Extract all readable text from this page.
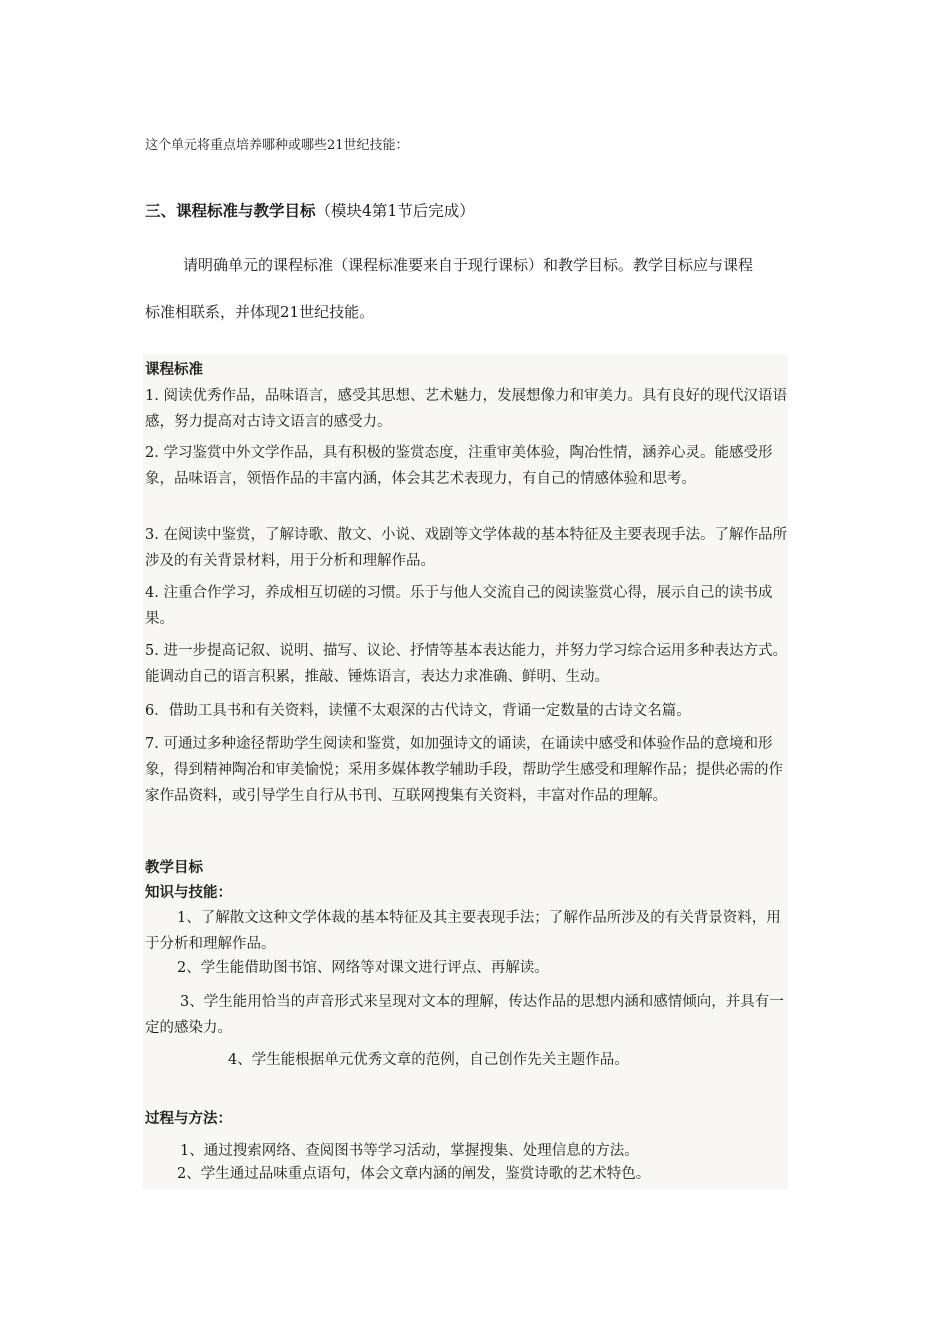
这个单元将重点培养哪种或哪些21世纪技能：
三、课程标准与教学目标（模块4第1节后完成）
请明确单元的课程标准（课程标准要来自于现行课标）和教学目标。教学目标应与课程
标准相联系，并体现21世纪技能。
课程标准
1. 阅读优秀作品，品味语言，感受其思想、艺术魅力，发展想像力和审美力。具有良好的现代汉语语感，努力提高对古诗文语言的感受力。
2. 学习鉴赏中外文学作品，具有积极的鉴赏态度，注重审美体验，陶冶性情，涵养心灵。能感受形象，品味语言，领悟作品的丰富内涵，体会其艺术表现力，有自己的情感体验和思考。
3. 在阅读中鉴赏，了解诗歌、散文、小说、戏剧等文学体裁的基本特征及主要表现手法。了解作品所涉及的有关背景材料，用于分析和理解作品。
4. 注重合作学习，养成相互切磋的习惯。乐于与他人交流自己的阅读鉴赏心得，展示自己的读书成果。
5. 进一步提高记叙、说明、描写、议论、抒情等基本表达能力，并努力学习综合运用多种表达方式。能调动自己的语言积累，推敲、锤炼语言，表达力求准确、鲜明、生动。
6．借助工具书和有关资料，读懂不太艰深的古代诗文，背诵一定数量的古诗文名篇。
7. 可通过多种途径帮助学生阅读和鉴赏，如加强诗文的诵读，在诵读中感受和体验作品的意境和形象，得到精神陶冶和审美愉悦；采用多媒体教学辅助手段，帮助学生感受和理解作品；提供必需的作家作品资料，或引导学生自行从书刊、互联网搜集有关资料，丰富对作品的理解。
教学目标
知识与技能：
1、了解散文这种文学体裁的基本特征及其主要表现手法；了解作品所涉及的有关背景资料，用于分析和理解作品。
2、学生能借助图书馆、网络等对课文进行评点、再解读。
3、学生能用恰当的声音形式来呈现对文本的理解，传达作品的思想内涵和感情倾向，并具有一定的感染力。
4、学生能根据单元优秀文章的范例，自己创作先关主题作品。
过程与方法：
1、通过搜索网络、查阅图书等学习活动，掌握搜集、处理信息的方法。
2、学生通过品味重点语句，体会文章内涵的阐发，鉴赏诗歌的艺术特色。
